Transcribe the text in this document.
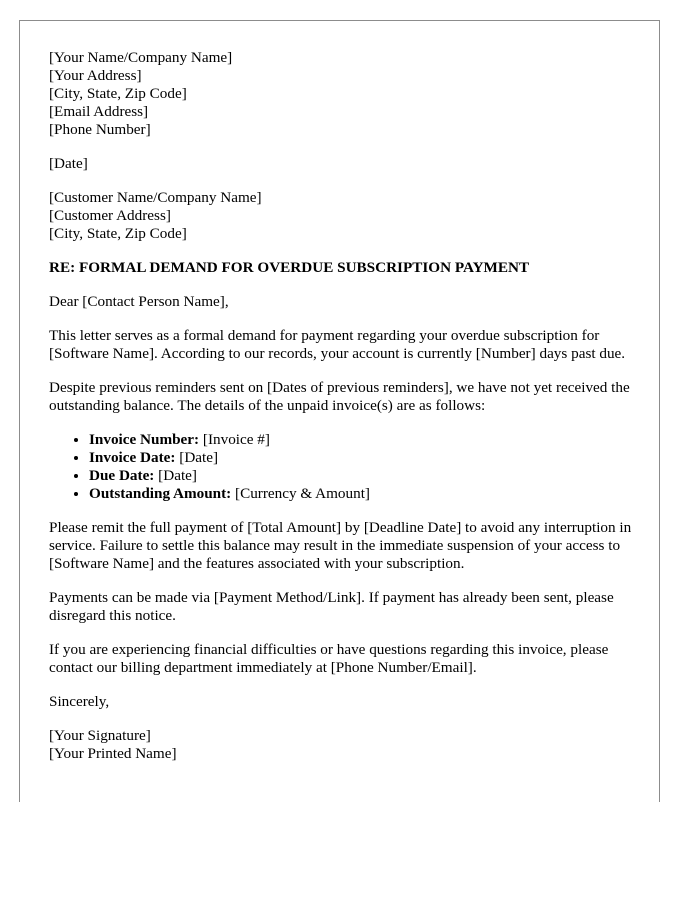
[Your Name/Company Name]
[Your Address]
[City, State, Zip Code]
[Email Address]
[Phone Number]
[Date]
[Customer Name/Company Name]
[Customer Address]
[City, State, Zip Code]
RE: FORMAL DEMAND FOR OVERDUE SUBSCRIPTION PAYMENT

Dear [Contact Person Name],

This letter serves as a formal demand for payment regarding your overdue subscription for [Software Name]. According to our records, your account is currently [Number] days past due.

Despite previous reminders sent on [Dates of previous reminders], we have not yet received the outstanding balance. The details of the unpaid invoice(s) are as follows:

• Invoice Number: [Invoice #]
• Invoice Date: [Date]
• Due Date: [Date]
• Outstanding Amount: [Currency & Amount]

Please remit the full payment of [Total Amount] by [Deadline Date] to avoid any interruption in service. Failure to settle this balance may result in the immediate suspension of your access to [Software Name] and the features associated with your subscription.

Payments can be made via [Payment Method/Link]. If payment has already been sent, please disregard this notice.

If you are experiencing financial difficulties or have questions regarding this invoice, please contact our billing department immediately at [Phone Number/Email].

Sincerely,

[Your Signature]
[Your Printed Name]
